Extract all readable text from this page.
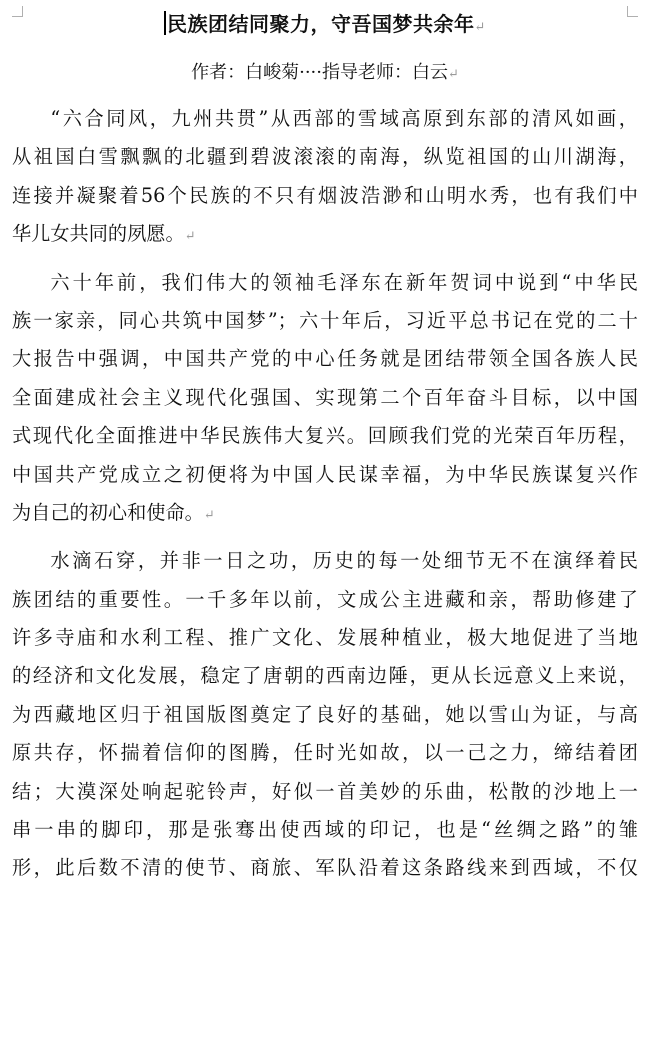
民族团结同聚力，守吾国梦共余年↵
作者：白峻菊····指导老师：白云↵
“六合同风，九州共贯”从西部的雪域高原到东部的清风如画，
从祖国白雪飘飘的北疆到碧波滚滚的南海，纵览祖国的山川湖海，
连接并凝聚着56个民族的不只有烟波浩渺和山明水秀，也有我们中
华儿女共同的夙愿。↵
六十年前，我们伟大的领袖毛泽东在新年贺词中说到“中华民
族一家亲，同心共筑中国梦”；六十年后，习近平总书记在党的二十
大报告中强调，中国共产党的中心任务就是团结带领全国各族人民
全面建成社会主义现代化强国、实现第二个百年奋斗目标，以中国
式现代化全面推进中华民族伟大复兴。回顾我们党的光荣百年历程，
中国共产党成立之初便将为中国人民谋幸福，为中华民族谋复兴作
为自己的初心和使命。↵
水滴石穿，并非一日之功，历史的每一处细节无不在演绎着民
族团结的重要性。一千多年以前，文成公主进藏和亲，帮助修建了
许多寺庙和水利工程、推广文化、发展种植业，极大地促进了当地
的经济和文化发展，稳定了唐朝的西南边陲，更从长远意义上来说，
为西藏地区归于祖国版图奠定了良好的基础，她以雪山为证，与高
原共存，怀揣着信仰的图腾，任时光如故，以一己之力，缔结着团
结；大漠深处响起驼铃声，好似一首美妙的乐曲，松散的沙地上一
串一串的脚印，那是张骞出使西域的印记，也是“丝绸之路”的雏
形，此后数不清的使节、商旅、军队沿着这条路线来到西域，不仅
